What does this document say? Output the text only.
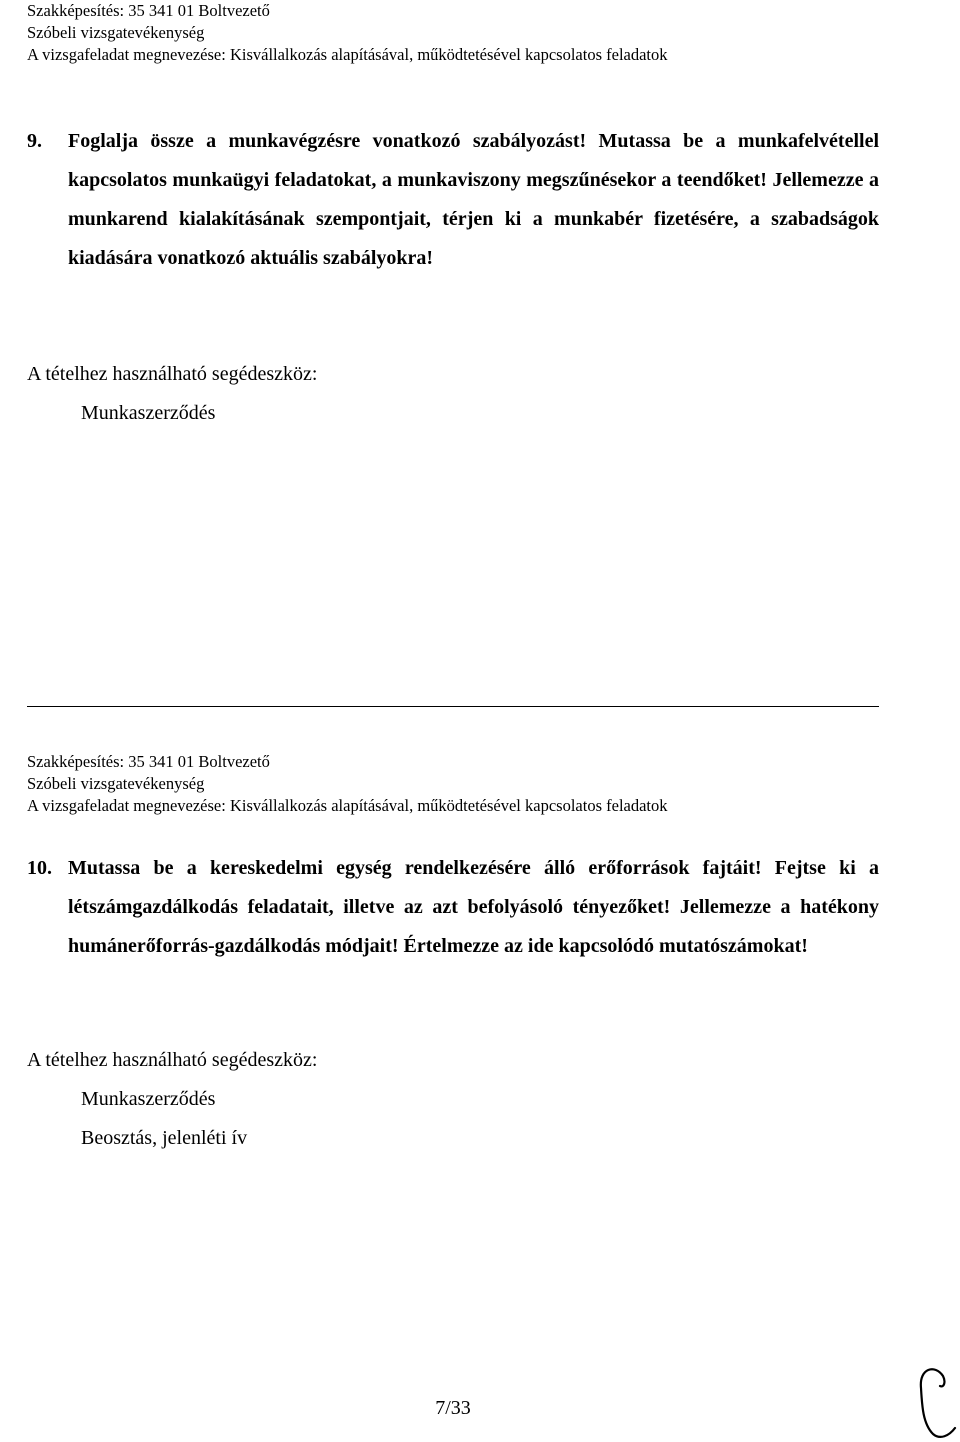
Szakképesítés: 35 341 01 Boltvezető
Szóbeli vizsgatevékenység
A vizsgafeladat megnevezése: Kisvállalkozás alapításával, működtetésével kapcsolatos feladatok
9. Foglalja össze a munkavégzésre vonatkozó szabályozást! Mutassa be a munkafelvétellel kapcsolatos munkaügyi feladatokat, a munkaviszony megszűnésekor a teendőket! Jellemezze a munkarend kialakításának szempontjait, térjen ki a munkabér fizetésére, a szabadságok kiadására vonatkozó aktuális szabályokra!
A tételhez használható segédeszköz:
Munkaszerződés
Szakképesítés: 35 341 01 Boltvezető
Szóbeli vizsgatevékenység
A vizsgafeladat megnevezése: Kisvállalkozás alapításával, működtetésével kapcsolatos feladatok
10. Mutassa be a kereskedelmi egység rendelkezésére álló erőforrások fajtáit! Fejtse ki a létszámgazdálkodás feladatait, illetve az azt befolyásoló tényezőket! Jellemezze a hatékony humánerőforrás-gazdálkodás módjait! Értelmezze az ide kapcsolódó mutatószámokat!
A tételhez használható segédeszköz:
Munkaszerződés
Beosztás, jelenléti ív
7/33
